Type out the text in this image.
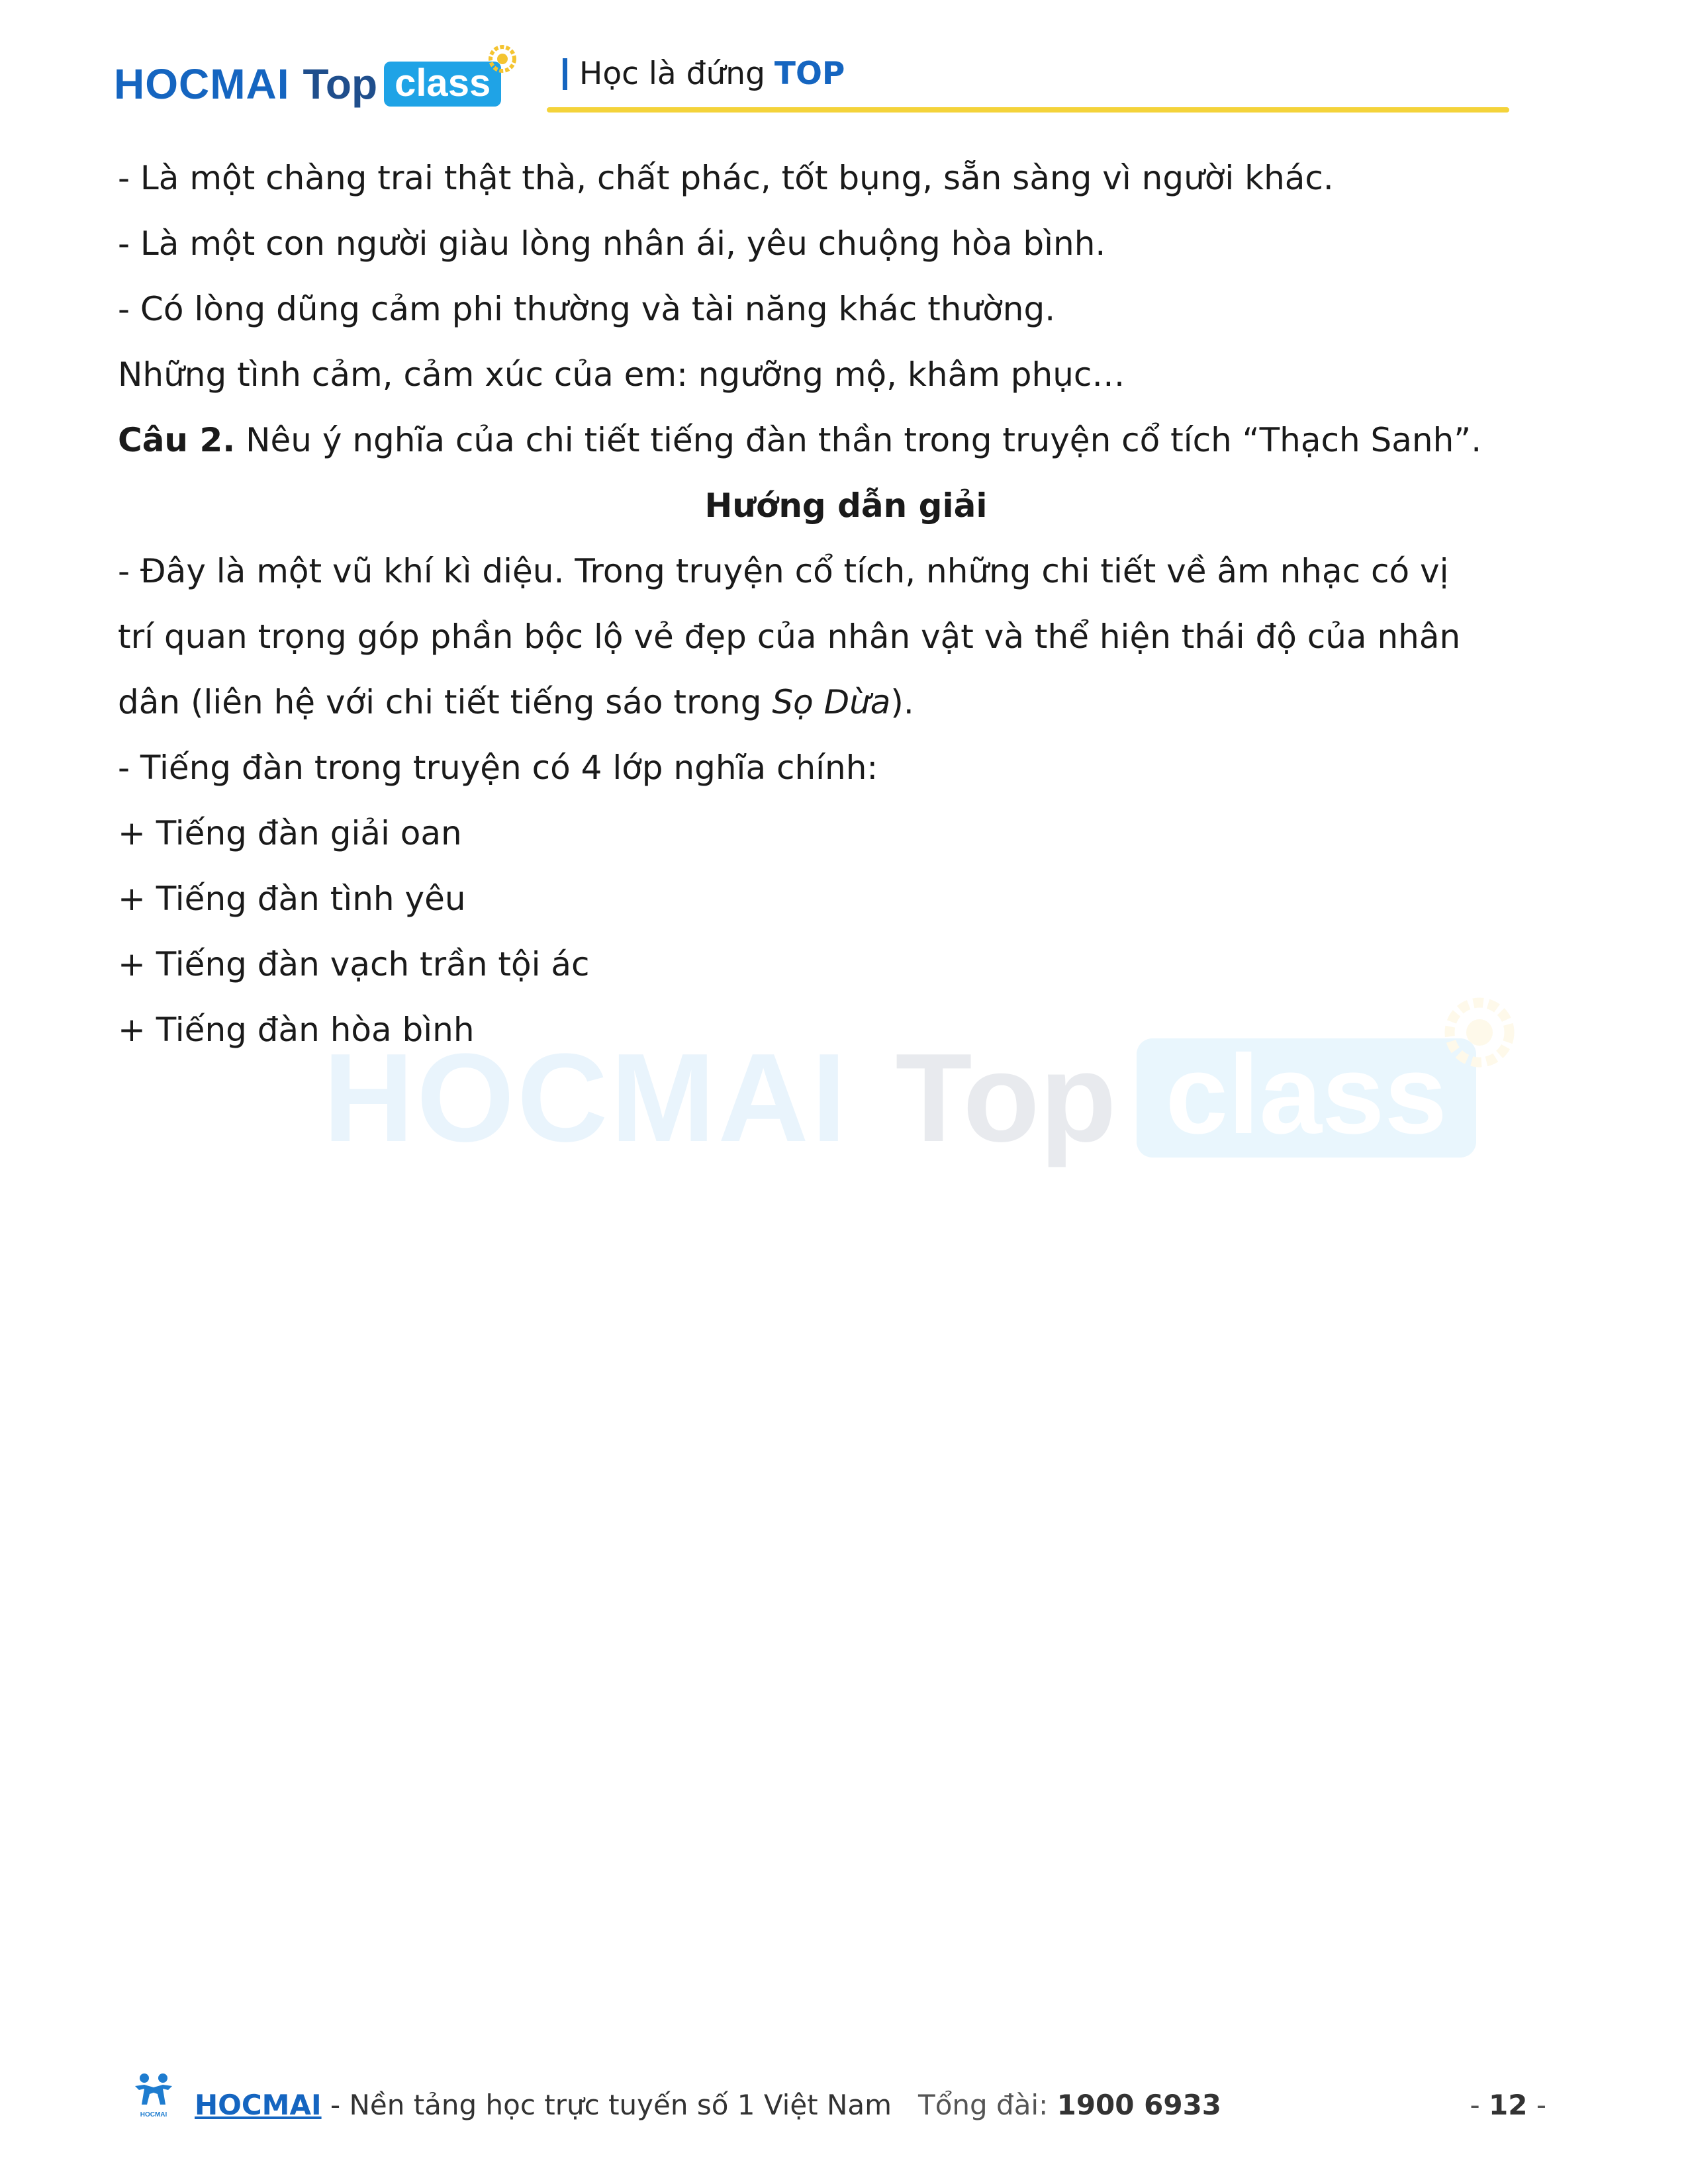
HOCMAI Top class	Học là đứng TOP
- Là một chàng trai thật thà, chất phác, tốt bụng, sẵn sàng vì người khác.
- Là một con người giàu lòng nhân ái, yêu chuộng hòa bình.
- Có lòng dũng cảm phi thường và tài năng khác thường.
Những tình cảm, cảm xúc của em: ngưỡng mộ, khâm phục…
Câu 2. Nêu ý nghĩa của chi tiết tiếng đàn thần trong truyện cổ tích “Thạch Sanh”.
Hướng dẫn giải
- Đây là một vũ khí kì diệu. Trong truyện cổ tích, những chi tiết về âm nhạc có vị
trí quan trọng góp phần bộc lộ vẻ đẹp của nhân vật và thể hiện thái độ của nhân
dân (liên hệ với chi tiết tiếng sáo trong Sọ Dừa).
- Tiếng đàn trong truyện có 4 lớp nghĩa chính:
+ Tiếng đàn giải oan
+ Tiếng đàn tình yêu
+ Tiếng đàn vạch trần tội ác
+ Tiếng đàn hòa bình
HOCMAI Top class
HOCMAI HOCMAI - Nền tảng học trực tuyến số 1 Việt Nam Tổng đài: 1900 6933	- 12 -
